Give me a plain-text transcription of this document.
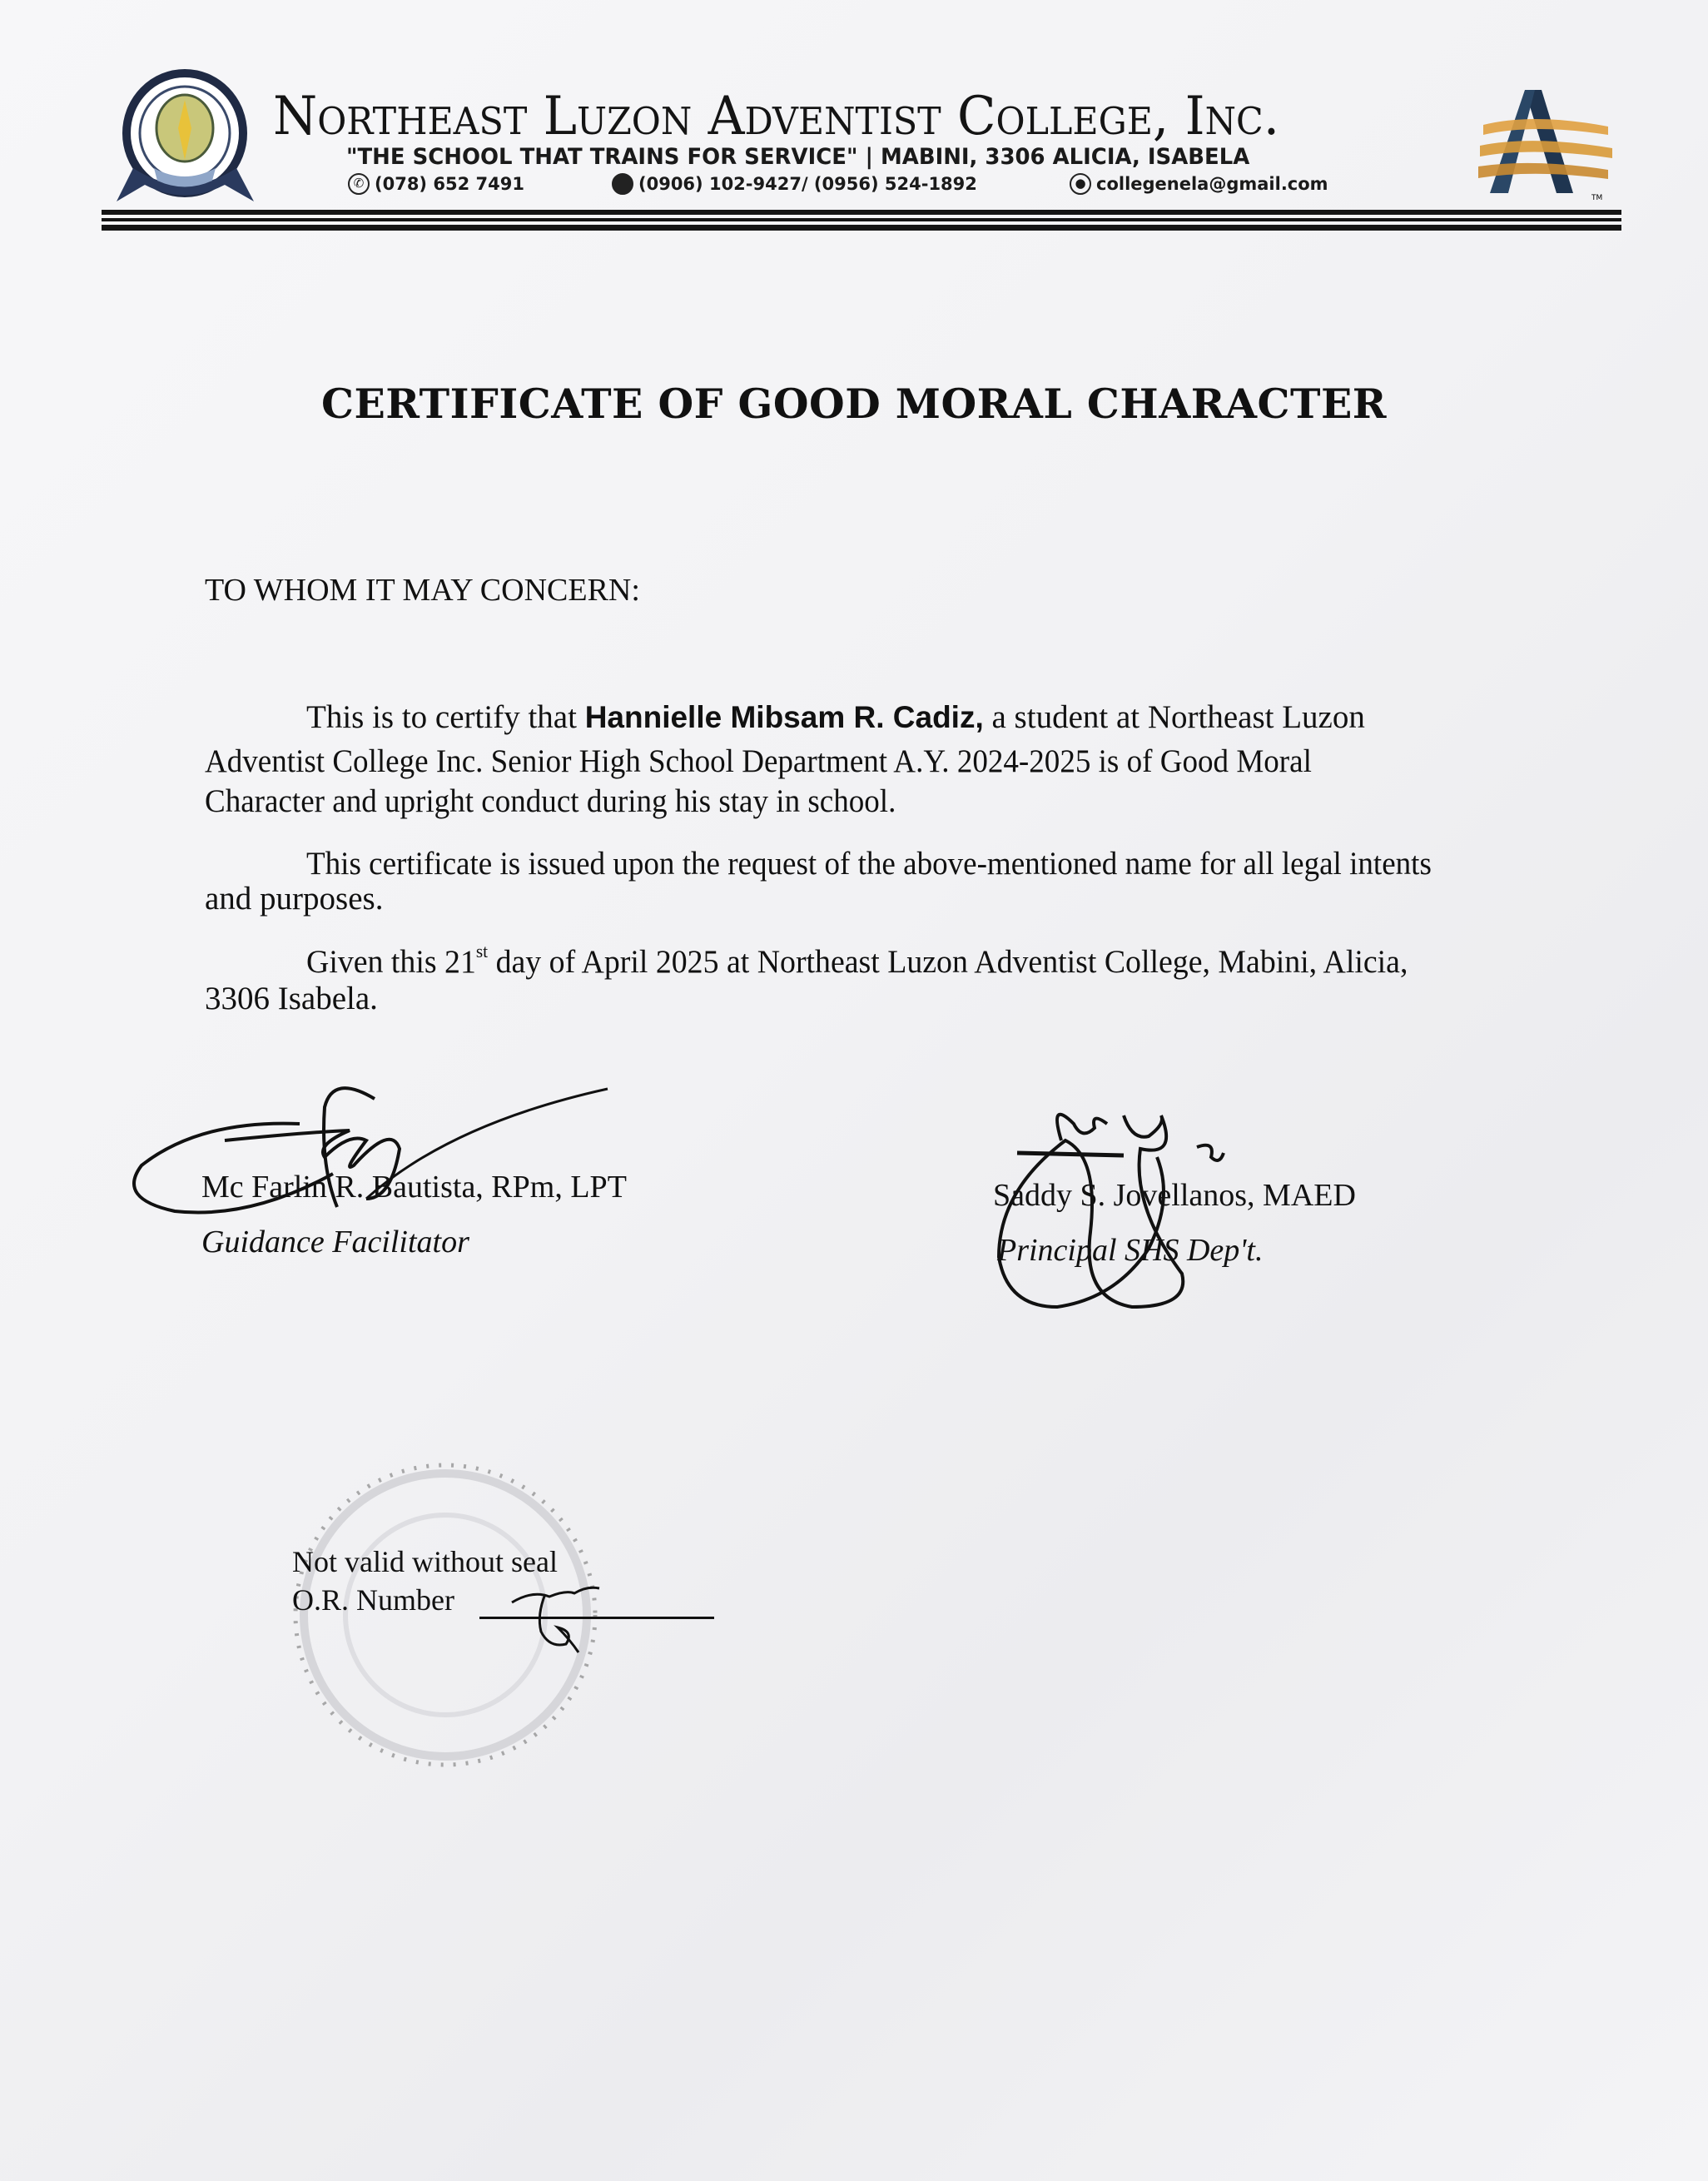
Northeast Luzon Adventist College, Inc.
"THE SCHOOL THAT TRAINS FOR SERVICE" | MABINI, 3306 ALICIA, ISABELA
✆ (078) 652 7491	(0906) 102-9427/ (0956) 524-1892	● collegenela@gmail.com
TM
CERTIFICATE OF GOOD MORAL CHARACTER
TO WHOM IT MAY CONCERN:
This is to certify that Hannielle Mibsam R. Cadiz, a student at Northeast Luzon
Adventist College Inc. Senior High School Department A.Y. 2024-2025 is of Good Moral
Character and upright conduct during his stay in school.
This certificate is issued upon the request of the above-mentioned name for all legal intents
and purposes.
Given this 21st day of April 2025 at Northeast Luzon Adventist College, Mabini, Alicia,
3306 Isabela.
Mc Farlin R. Bautista, RPm, LPT
Guidance Facilitator
Saddy S. Jovellanos, MAED
Principal SHS Dep't.
Not valid without seal
O.R. Number
